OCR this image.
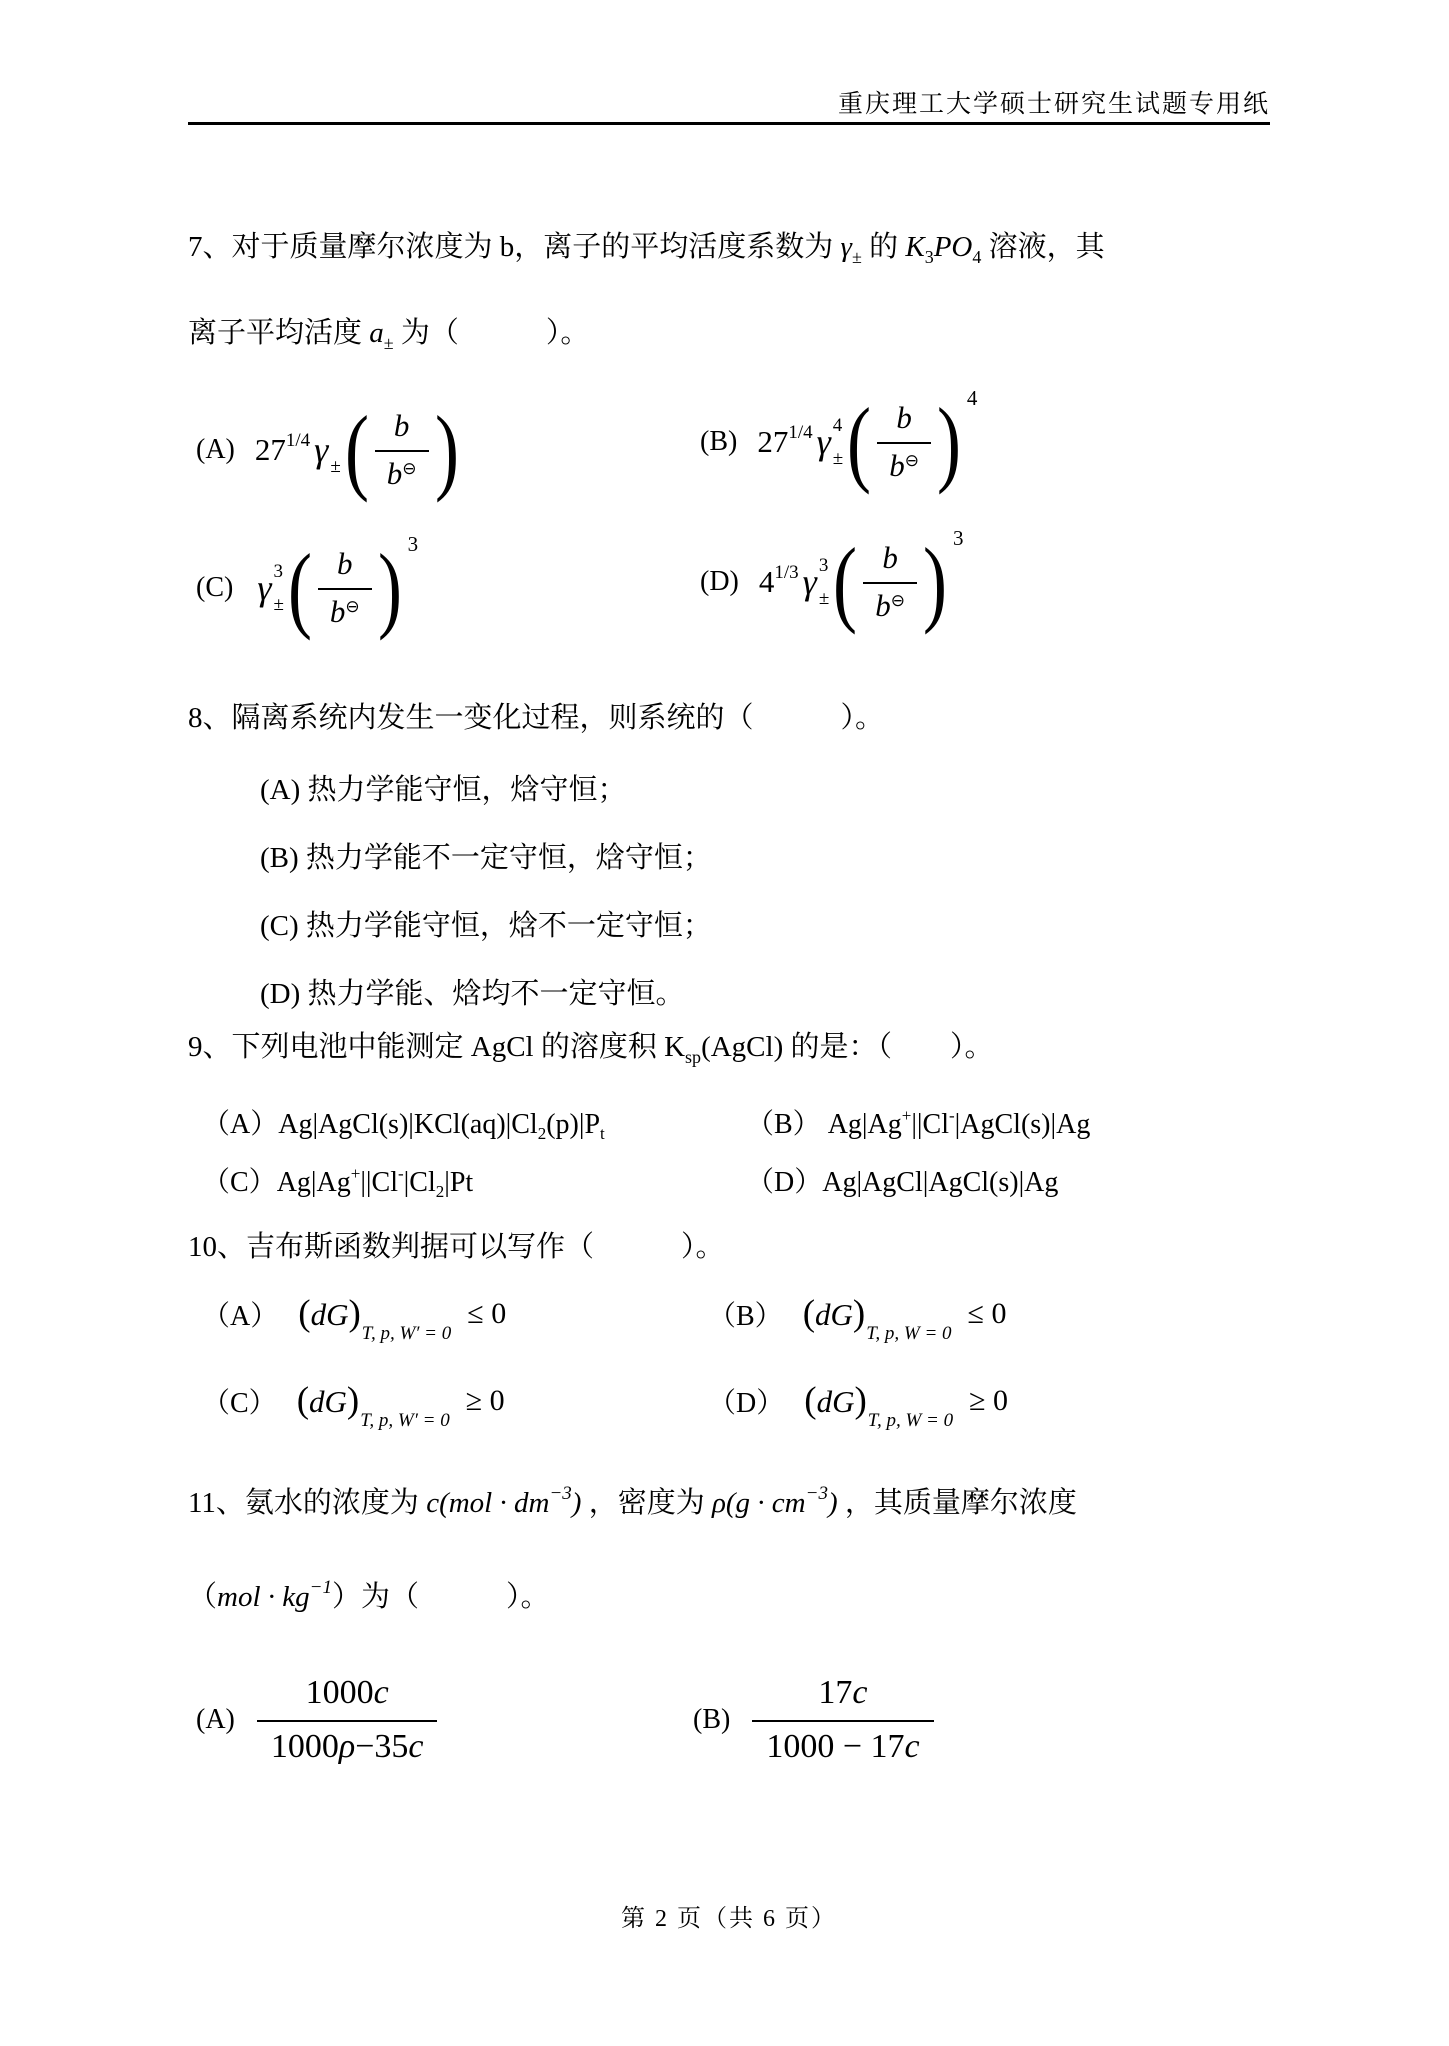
重庆理工大学硕士研究生试题专用纸
7、对于质量摩尔浓度为 b，离子的平均活度系数为 $\gamma_\pm$ 的 $K_3PO_4$ 溶液，其
离子平均活度 $a_\pm$ 为（　　　）。
(A) $27^{1/4}$ γ ± ( $\frac{b}{b^⊖}$ )	(B) $27^{1/4}$ γ 4
± ( $\frac{b}{b^⊖}$ ) 4
(C) γ 3
± ( $\frac{b}{b^⊖}$ ) 3
(D) $4^{1/3}$ γ 3
± ( $\frac{b}{b^⊖}$ ) 3
8、隔离系统内发生一变化过程，则系统的（　　　）。
(A) 热力学能守恒，焓守恒；
(B) 热力学能不一定守恒，焓守恒；
(C) 热力学能守恒，焓不一定守恒；
(D) 热力学能、焓均不一定守恒。
9、下列电池中能测定 AgCl 的溶度积 $K_{sp}(AgCl)$ 的是：（　　）。
$(A)Ag|AgCl(s)|KCl(aq)|Cl_2(p)|P_t$	（B） Ag|Ag+||Cl-|AgCl(s)|Ag
$(C)Ag|Ag^+||Cl^-|Cl_2|Pt$	（D）Ag|AgCl|AgCl(s)|Ag
10、吉布斯函数判据可以写作（　　　）。
（A） $(dG)_{T, p, W' = 0}$
≤ 0	（B） $(dG)_{T, p, W = 0}$
≤ 0
（C） $(dG)_{T, p, W' = 0}$
≥ 0	（D） $(dG)_{T, p, W = 0}$
≥ 0
11、氨水的浓度为 $c(mol \cdot dm^{-3})$ ，密度为 $\rho(g \cdot cm^{-3})$ ，其质量摩尔浓度
$(mol \cdot kg^{-1})$为（　　　）。
$(A) \frac{1000c}{1000\rho-35c}$	$(B) \frac{17c}{1000 - 17c}$
第 2 页（共 6 页）
